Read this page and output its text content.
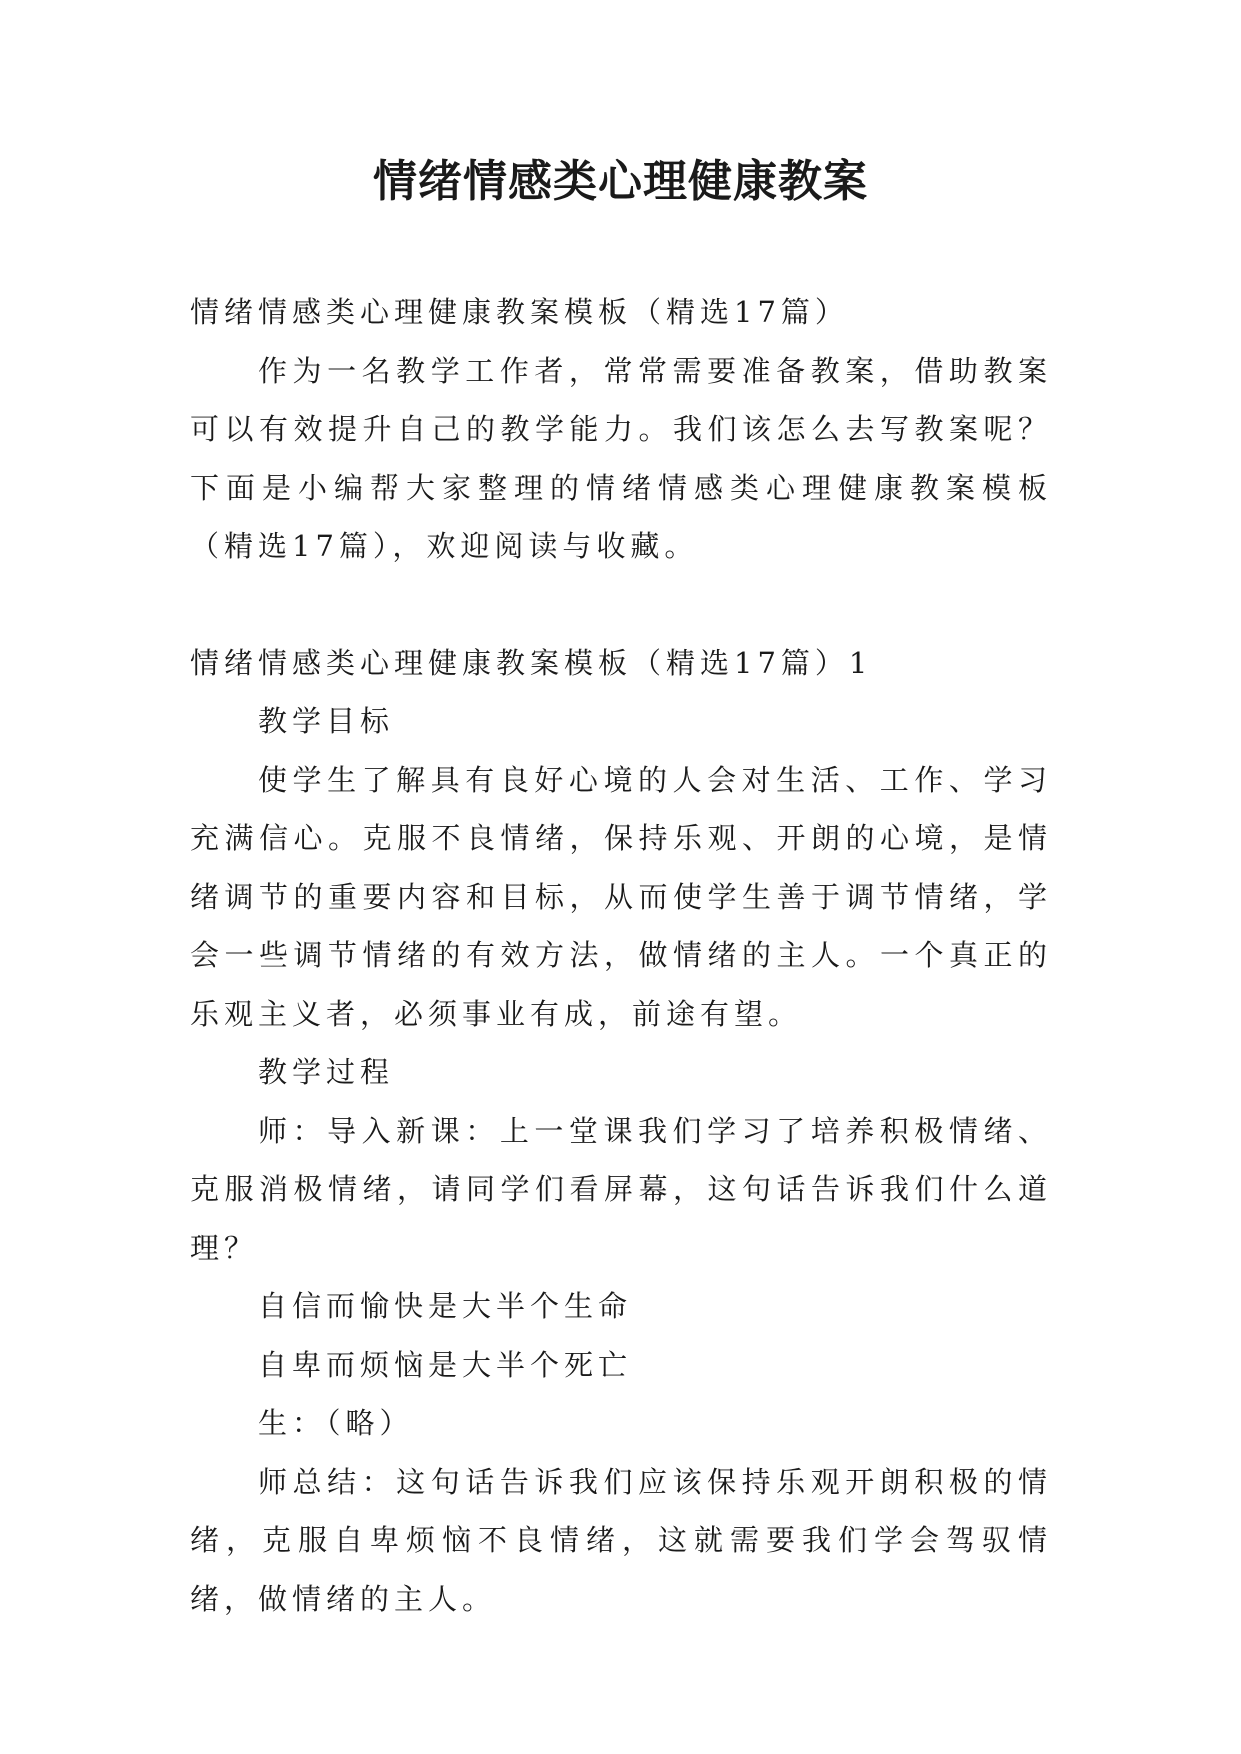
情绪情感类心理健康教案

情绪情感类心理健康教案模板（精选17篇）

作为一名教学工作者，常常需要准备教案，借助教案可以有效提升自己的教学能力。我们该怎么去写教案呢？下面是小编帮大家整理的情绪情感类心理健康教案模板（精选17篇），欢迎阅读与收藏。

情绪情感类心理健康教案模板（精选17篇）1

教学目标

使学生了解具有良好心境的人会对生活、工作、学习充满信心。克服不良情绪，保持乐观、开朗的心境，是情绪调节的重要内容和目标，从而使学生善于调节情绪，学会一些调节情绪的有效方法，做情绪的主人。一个真正的乐观主义者，必须事业有成，前途有望。

教学过程

师：导入新课：上一堂课我们学习了培养积极情绪、克服消极情绪，请同学们看屏幕，这句话告诉我们什么道理？

自信而愉快是大半个生命

自卑而烦恼是大半个死亡

生：（略）

师总结：这句话告诉我们应该保持乐观开朗积极的情绪，克服自卑烦恼不良情绪，这就需要我们学会驾驭情绪，做情绪的主人。
